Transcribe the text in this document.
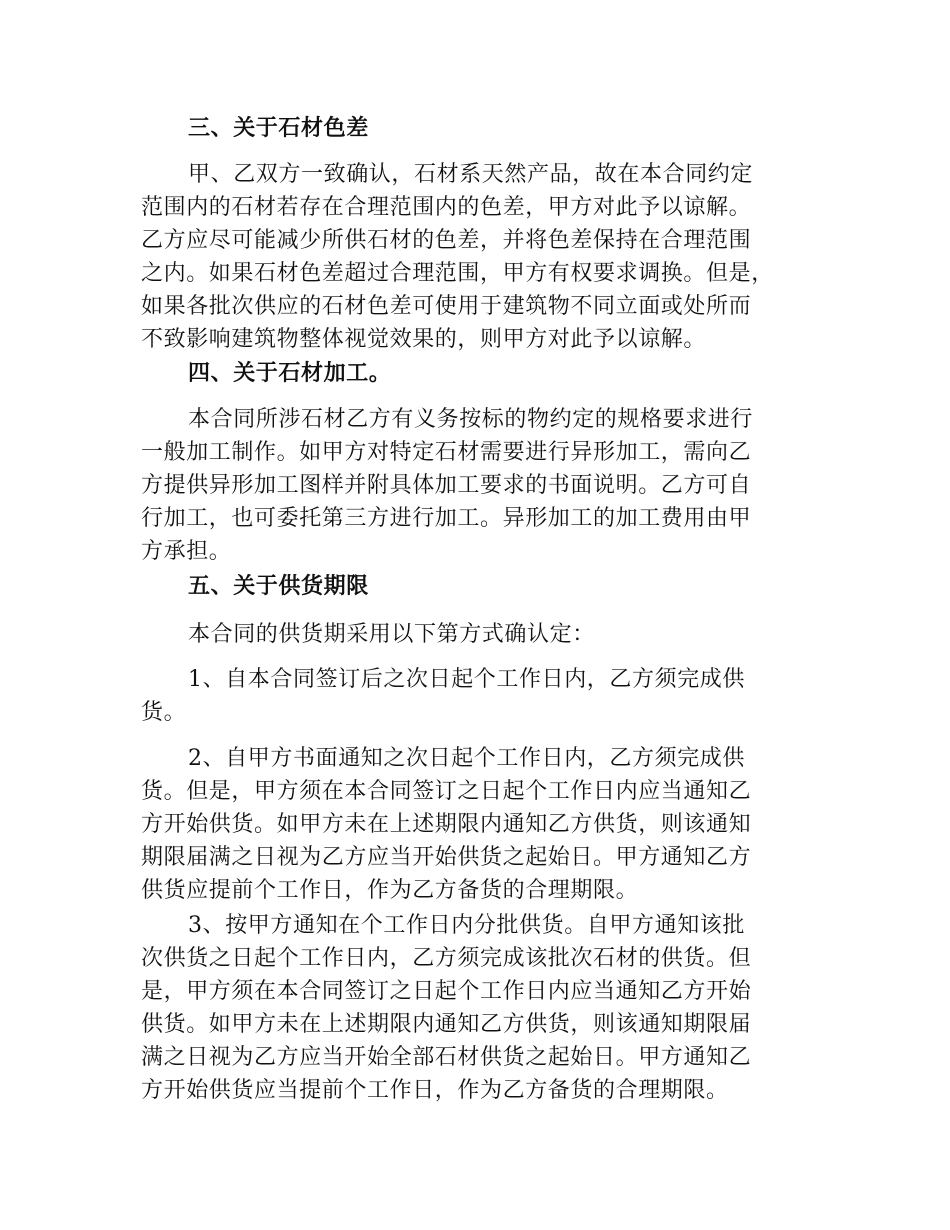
三、关于石材色差
甲、乙双方一致确认，石材系天然产品，故在本合同约定
范围内的石材若存在合理范围内的色差，甲方对此予以谅解。
乙方应尽可能减少所供石材的色差，并将色差保持在合理范围
之内。如果石材色差超过合理范围，甲方有权要求调换。但是，
如果各批次供应的石材色差可使用于建筑物不同立面或处所而
不致影响建筑物整体视觉效果的，则甲方对此予以谅解。
四、关于石材加工。
本合同所涉石材乙方有义务按标的物约定的规格要求进行
一般加工制作。如甲方对特定石材需要进行异形加工，需向乙
方提供异形加工图样并附具体加工要求的书面说明。乙方可自
行加工，也可委托第三方进行加工。异形加工的加工费用由甲
方承担。
五、关于供货期限
本合同的供货期采用以下第方式确认定：
1、自本合同签订后之次日起个工作日内，乙方须完成供
货。
2、自甲方书面通知之次日起个工作日内，乙方须完成供
货。但是，甲方须在本合同签订之日起个工作日内应当通知乙
方开始供货。如甲方未在上述期限内通知乙方供货，则该通知
期限届满之日视为乙方应当开始供货之起始日。甲方通知乙方
供货应提前个工作日，作为乙方备货的合理期限。
3、按甲方通知在个工作日内分批供货。自甲方通知该批
次供货之日起个工作日内，乙方须完成该批次石材的供货。但
是，甲方须在本合同签订之日起个工作日内应当通知乙方开始
供货。如甲方未在上述期限内通知乙方供货，则该通知期限届
满之日视为乙方应当开始全部石材供货之起始日。甲方通知乙
方开始供货应当提前个工作日，作为乙方备货的合理期限。
